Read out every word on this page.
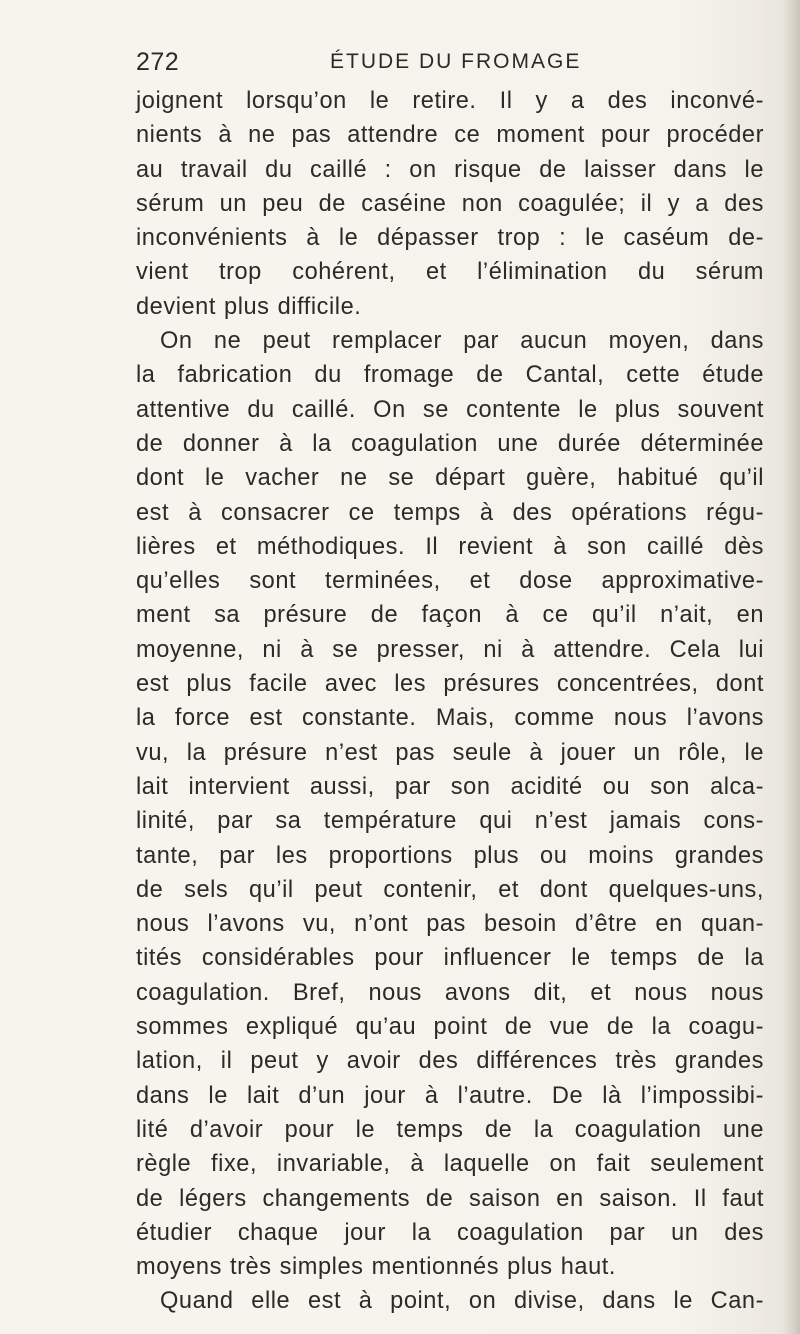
272	ÉTUDE DU FROMAGE
joignent lorsqu’on le retire. Il y a des inconvé-
nients à ne pas attendre ce moment pour procéder
au travail du caillé : on risque de laisser dans le
sérum un peu de caséine non coagulée; il y a des
inconvénients à le dépasser trop : le caséum de-
vient trop cohérent, et l’élimination du sérum
devient plus difficile.
On ne peut remplacer par aucun moyen, dans
la fabrication du fromage de Cantal, cette étude
attentive du caillé. On se contente le plus souvent
de donner à la coagulation une durée déterminée
dont le vacher ne se départ guère, habitué qu’il
est à consacrer ce temps à des opérations régu-
lières et méthodiques. Il revient à son caillé dès
qu’elles sont terminées, et dose approximative-
ment sa présure de façon à ce qu’il n’ait, en
moyenne, ni à se presser, ni à attendre. Cela lui
est plus facile avec les présures concentrées, dont
la force est constante. Mais, comme nous l’avons
vu, la présure n’est pas seule à jouer un rôle, le
lait intervient aussi, par son acidité ou son alca-
linité, par sa température qui n’est jamais cons-
tante, par les proportions plus ou moins grandes
de sels qu’il peut contenir, et dont quelques-uns,
nous l’avons vu, n’ont pas besoin d’être en quan-
tités considérables pour influencer le temps de la
coagulation. Bref, nous avons dit, et nous nous
sommes expliqué qu’au point de vue de la coagu-
lation, il peut y avoir des différences très grandes
dans le lait d’un jour à l’autre. De là l’impossibi-
lité d’avoir pour le temps de la coagulation une
règle fixe, invariable, à laquelle on fait seulement
de légers changements de saison en saison. Il faut
étudier chaque jour la coagulation par un des
moyens très simples mentionnés plus haut.
Quand elle est à point, on divise, dans le Can-
